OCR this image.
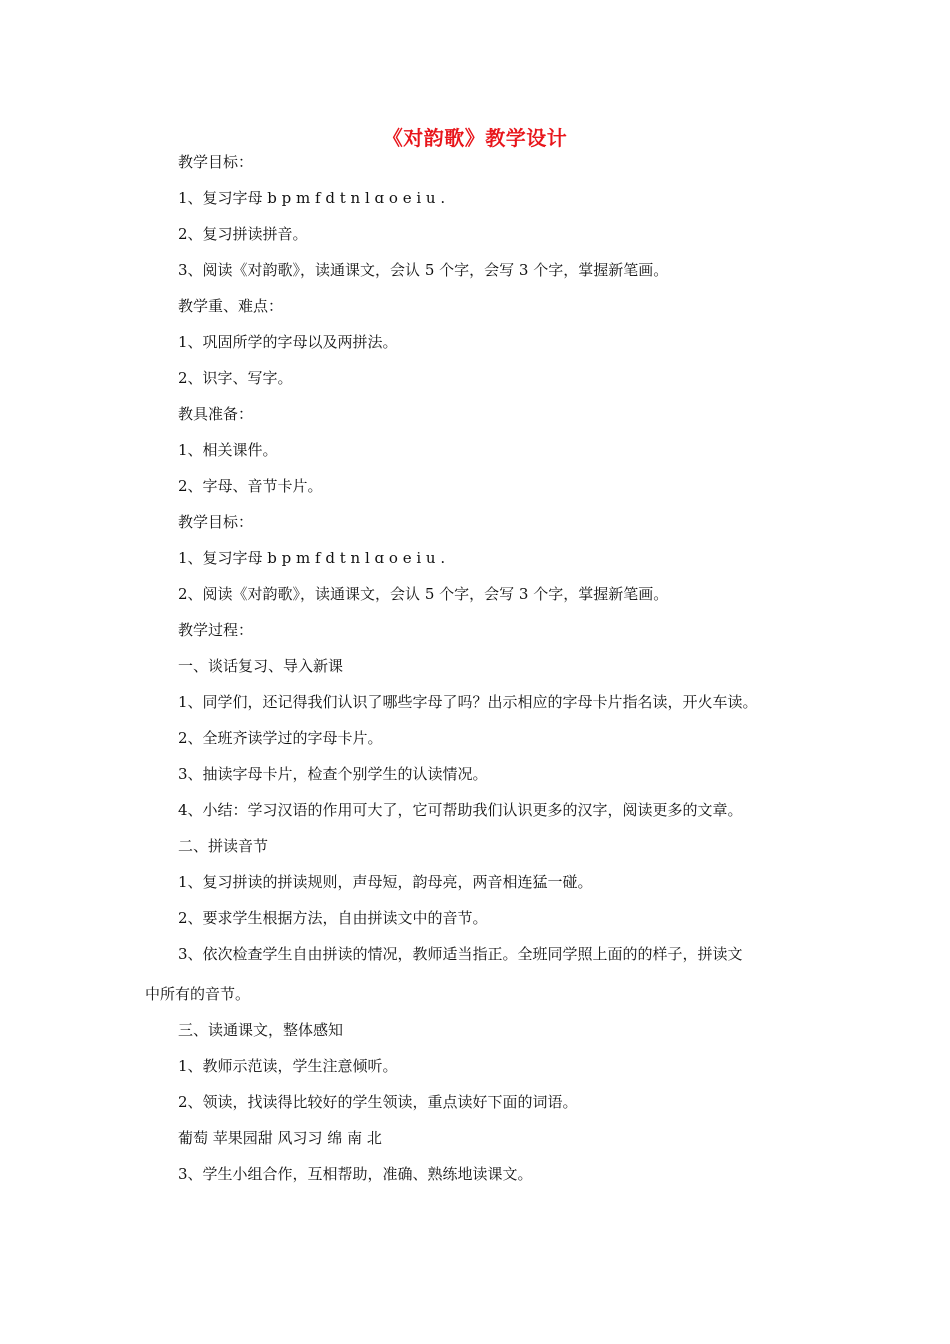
《对韵歌》教学设计

教学目标：

1、复习字母 b p m f d t n l ɑ o e i u .

2、复习拼读拼音。

3、阅读《对韵歌》，读通课文，会认 5 个字，会写 3 个字，掌握新笔画。

教学重、难点：

1、巩固所学的字母以及两拼法。

2、识字、写字。

教具准备：

1、相关课件。

2、字母、音节卡片。

教学目标：

1、复习字母 b p m f d t n l ɑ o e i u .

2、阅读《对韵歌》，读通课文，会认 5 个字，会写 3 个字，掌握新笔画。

教学过程：

一、谈话复习、导入新课

1、同学们，还记得我们认识了哪些字母了吗？出示相应的字母卡片指名读，开火车读。

2、全班齐读学过的字母卡片。

3、抽读字母卡片，检查个别学生的认读情况。

4、小结：学习汉语的作用可大了，它可帮助我们认识更多的汉字，阅读更多的文章。

二、拼读音节

1、复习拼读的拼读规则，声母短，韵母亮，两音相连猛一碰。

2、要求学生根据方法，自由拼读文中的音节。

3、依次检查学生自由拼读的情况，教师适当指正。全班同学照上面的的样子，拼读文

中所有的音节。

三、读通课文，整体感知

1、教师示范读，学生注意倾听。

2、领读，找读得比较好的学生领读，重点读好下面的词语。

葡萄 苹果园甜 风习习 绵 南 北

3、学生小组合作，互相帮助，准确、熟练地读课文。
